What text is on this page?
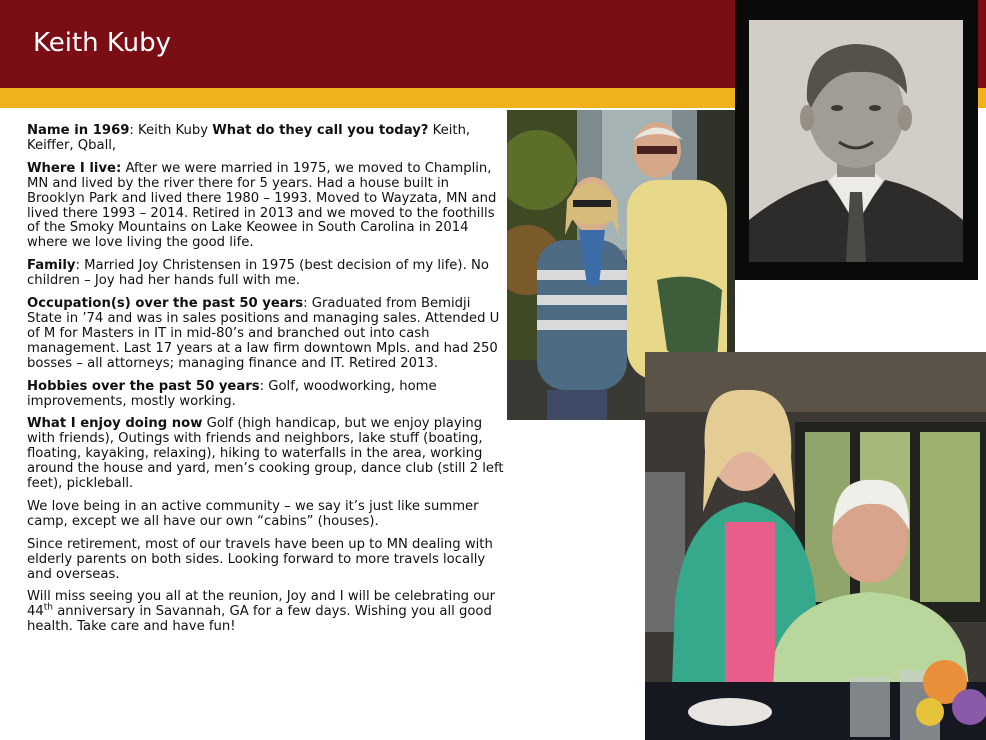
Keith Kuby

Name in 1969: Keith Kuby What do they call you today? Keith, Keiffer, Qball,

Where I live: After we were married in 1975, we moved to Champlin, MN and lived by the river there for 5 years. Had a house built in Brooklyn Park and lived there 1980 – 1993. Moved to Wayzata, MN and lived there 1993 – 2014. Retired in 2013 and we moved to the foothills of the Smoky Mountains on Lake Keowee in South Carolina in 2014 where we love living the good life.

Family: Married Joy Christensen in 1975 (best decision of my life). No children – Joy had her hands full with me.

Occupation(s) over the past 50 years: Graduated from Bemidji State in ’74 and was in sales positions and managing sales. Attended U of M for Masters in IT in mid-80’s and branched out into cash management. Last 17 years at a law firm downtown Mpls. and had 250 bosses – all attorneys; managing finance and IT. Retired 2013.

Hobbies over the past 50 years: Golf, woodworking, home improvements, mostly working.

What I enjoy doing now Golf (high handicap, but we enjoy playing with friends), Outings with friends and neighbors, lake stuff (boating, floating, kayaking, relaxing), hiking to waterfalls in the area, working around the house and yard, men’s cooking group, dance club (still 2 left feet), pickleball.

We love being in an active community – we say it’s just like summer camp, except we all have our own “cabins” (houses).

Since retirement, most of our travels have been up to MN dealing with elderly parents on both sides. Looking forward to more travels locally and overseas.

Will miss seeing you all at the reunion, Joy and I will be celebrating our 44th anniversary in Savannah, GA for a few days. Wishing you all good health. Take care and have fun!
